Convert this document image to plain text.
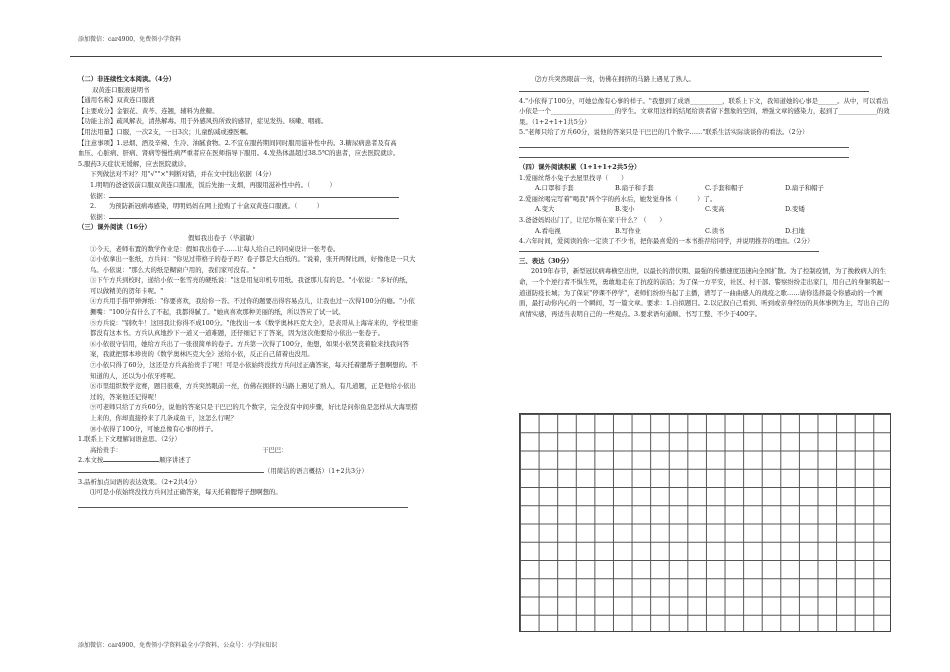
添加微信：car4900，免费领小学资料
（二）非连续性文本阅读。（4分）
双黄连口服液说明书
【通用名称】双黄连口服液
【主要成分】金银花、黄芩、连翘，辅料为蔗糖。
【功能主治】疏风解表，清热解毒。用于外感风热所致的感冒，症见发热、咳嗽、咽痛。
【用法用量】口服，一次2支，一日3次；儿童酌减或遵医嘱。
【注意事项】1.忌烟、酒及辛辣、生冷、油腻食物。2.不宜在服药期间同时服用滋补性中药。3.糖尿病患者及有高
血压、心脏病、肝病、肾病等慢性病严重者应在医师指导下服用。4.发热体温超过38.5℃的患者，应去医院就诊。
5.服药3天症状无缓解，应去医院就诊。
下列做法对不对？用"√""×"判断对错，并在文中找出依据（4分）
1.明明的爸爸饭前口服双黄连口服液，饭后先抽一支烟，再服用滋补性中药。（　　　）
依据：
2.　　为预防新冠病毒感染，明明妈妈在网上抢购了十盒双黄连口服液。（　　　）
依据：
（三）课外阅读（16分）
假如我出卷子（毕淑敏）
①今天，老师布置的数学作业是：假如我出卷子……让每人给自己的同桌设计一张考卷。
②小依拿出一张纸，方兵问："你见过带格子的卷子吗？卷子都是大白纸的。"说着，张开两臂比画，好像他是一只大鸟。小依说："那么大的纸是糊窗户用的，我们家可没有。"
③下午方兵到校时，递给小依一张雪亮的硬纸说："这是用复印机专用纸。我爸那儿有的是。"小依说："多好的纸，可以做精美的贺年卡呢。"
④方兵用手指甲弹弹纸："你要喜欢，我给你一沓。不过你的题要出得容易点儿，让我也过一次得100分的瘾。"小依撅嘴："100分有什么了不起，我都得腻了。"她真喜欢那种美丽的纸，所以答应了试一试。
⑤方兵说："别吹牛！这回我让你得不成100分。"他找出一本《数学奥林匹克大全》，是表哥从上海寄来的，学校里谁都没有这本书。方兵认真地抄下一道又一道难题，还仔细记下了答案，因为这次他要给小依出一张卷子。
⑥小依很守信用，她给方兵出了一张很简单的卷子。方兵第一次得了100分，他想，如果小依哭丧着脸来找我问答案，我就把那本珍贵的《数学奥林匹克大全》送给小依，反正自己留着也没用。
⑦小依只得了60分，这还是方兵高抬贵手了呢！可是小依始终没找方兵问过正确答案，每天托着腮帮子想啊想的。不知道的人，还以为小依牙疼呢。
⑧市里组织数学竞赛，题目很难，方兵突然眼前一亮，仿佛在拥挤的马路上遇见了熟人，有几道题，正是他给小依出过的，答案他还记得呢！
⑨可老师只给了方兵60分，说他的答案只是干巴巴的几个数字，完全没有中间步骤，好比是问你鱼是怎样从大海里捞上来的，你却直接拎来了几条咸鱼干，这怎么行呢？
⑩小依得了100分，可她总像有心事的样子。
1.联系上下文理解词语意思。（2分）
高抬贵手：	干巴巴：
2.本文按	顺序讲述了
（用简洁的语言概括）（1+2共3分）
3.品析加点词语的表达效果。（2+2共4分）
⑴可是小依始终没找方兵问过正确答案，每天托着腮帮子想啊想的。
⑵方兵突然眼前一亮，仿佛在拥挤的马路上遇见了熟人。
4."小依得了100分，可她总像有心事的样子。"我想到了成语__________，联系上下文，我知道她的心事是______。从中，可以看出小依是一个____________________的学生。文章用这样的结尾给读者留下想象的空间，增强文章的感染力，起到了____________的效果。（1+2+1+1共5分）
5."老师只给了方兵60分，说他的答案只是干巴巴的几个数字……"联系生活实际谈谈你的看法。（2分）
（四）课外阅读积累（1+1+1+2共5分）
1.爱丽丝帮小兔子去屋里找寻（　　）
A.口罩和手套	B.扇子和手套	C.手套和帽子	D.扇子和帽子
2.爱丽丝喝完写着"喝我"两个字的药水后，她发觉身体（　　　）了。
A.变大	B.变小	C.变高	D.变矮
3.爸爸妈妈出门了，让尼尔斯在家干什么？（　　）
A.看电视	B.写作业	C.读书	D.扫地
4.六年时间，爱阅读的你一定读了不少书，把你最喜爱的一本书推荐给同学，并说明推荐的理由。（2分）
三、表达（30分）
2019年春节，新型冠状病毒横空出世，以最长的潜伏期、最强的传播速度迅速向全国扩散。为了控制疫情，为了挽救病人的生命，一个个逆行者不惧生死，勇敢地走在了抗疫的前沿；为了保一方平安，社区、村干部、警察纷纷走出家门，用自己的身躯筑起一道道防疫长城；为了保证"停课不停学"，老师们纷纷当起了主播，谱写了一曲曲感人的战疫之歌……请你选择最令你感动的一个画面，最打动你内心的一个瞬间，写一篇文章。要求：1.自拟题目。2.以记叙自己看到、听到或亲身经历的具体事例为主，写出自己的真情实感，再适当表明自己的一些观点。3.要求语句通顺、书写工整、不少于400字。
添加微信：car4900，免费领小学资料最全小学资料，公众号：小学拉知识
